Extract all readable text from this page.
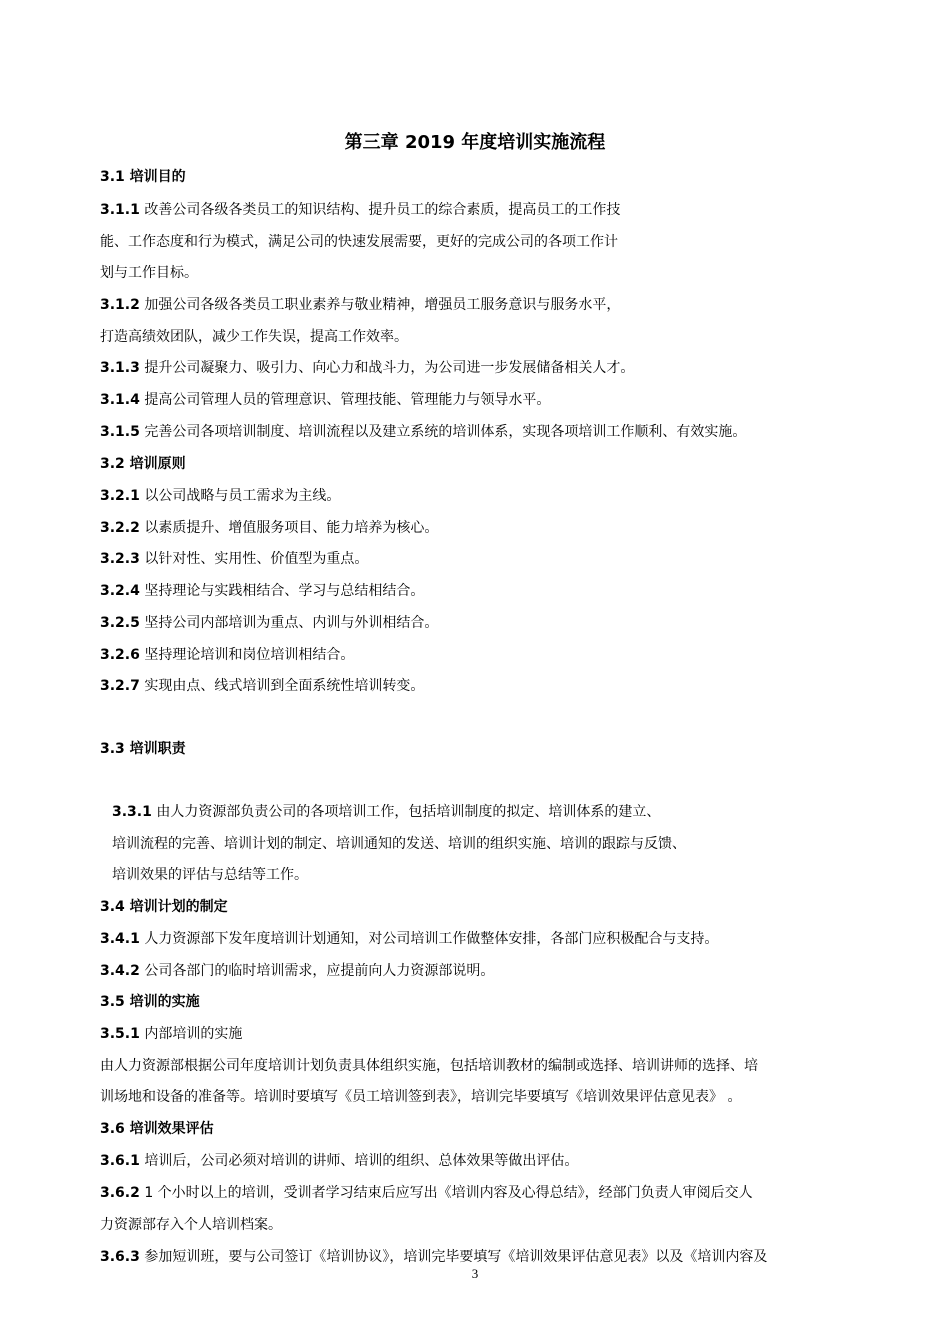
第三章 2019 年度培训实施流程
3.1 培训目的
3.1.1 改善公司各级各类员工的知识结构、提升员工的综合素质，提高员工的工作技
能、工作态度和行为模式，满足公司的快速发展需要，更好的完成公司的各项工作计
划与工作目标。
3.1.2 加强公司各级各类员工职业素养与敬业精神，增强员工服务意识与服务水平，
打造高绩效团队，减少工作失误，提高工作效率。
3.1.3 提升公司凝聚力、吸引力、向心力和战斗力，为公司进一步发展储备相关人才。
3.1.4 提高公司管理人员的管理意识、管理技能、管理能力与领导水平。
3.1.5 完善公司各项培训制度、培训流程以及建立系统的培训体系，实现各项培训工作顺利、有效实施。
3.2 培训原则
3.2.1 以公司战略与员工需求为主线。
3.2.2 以素质提升、增值服务项目、能力培养为核心。
3.2.3 以针对性、实用性、价值型为重点。
3.2.4 坚持理论与实践相结合、学习与总结相结合。
3.2.5 坚持公司内部培训为重点、内训与外训相结合。
3.2.6 坚持理论培训和岗位培训相结合。
3.2.7 实现由点、线式培训到全面系统性培训转变。
3.3 培训职责
3.3.1 由人力资源部负责公司的各项培训工作，包括培训制度的拟定、培训体系的建立、
培训流程的完善、培训计划的制定、培训通知的发送、培训的组织实施、培训的跟踪与反馈、
培训效果的评估与总结等工作。
3.4 培训计划的制定
3.4.1 人力资源部下发年度培训计划通知，对公司培训工作做整体安排，各部门应积极配合与支持。
3.4.2 公司各部门的临时培训需求，应提前向人力资源部说明。
3.5 培训的实施
3.5.1 内部培训的实施
由人力资源部根据公司年度培训计划负责具体组织实施，包括培训教材的编制或选择、培训讲师的选择、培
训场地和设备的准备等。培训时要填写《员工培训签到表》，培训完毕要填写《培训效果评估意见表》 。
3.6 培训效果评估
3.6.1 培训后，公司必须对培训的讲师、培训的组织、总体效果等做出评估。
3.6.2 1 个小时以上的培训，受训者学习结束后应写出《培训内容及心得总结》，经部门负责人审阅后交人
力资源部存入个人培训档案。
3.6.3 参加短训班，要与公司签订《培训协议》，培训完毕要填写《培训效果评估意见表》以及《培训内容及
3
